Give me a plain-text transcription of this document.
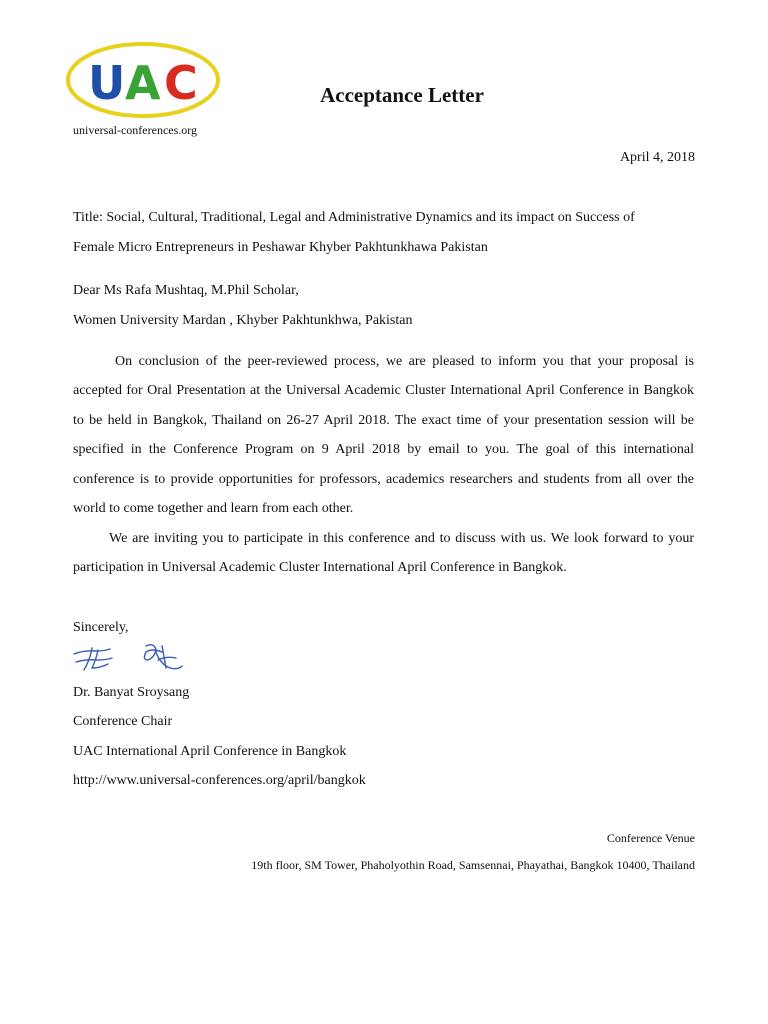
U A C
universal-conferences.org
Acceptance Letter
April 4, 2018
Title: Social, Cultural, Traditional, Legal and Administrative Dynamics and its impact on Success of
Female Micro Entrepreneurs in Peshawar Khyber Pakhtunkhawa Pakistan
Dear Ms Rafa Mushtaq, M.Phil Scholar,
Women University Mardan , Khyber Pakhtunkhwa, Pakistan
On conclusion of the peer-reviewed process, we are pleased to inform you that your proposal is accepted for Oral Presentation at the Universal Academic Cluster International April Conference in Bangkok to be held in Bangkok, Thailand on 26-27 April 2018. The exact time of your presentation session will be specified in the Conference Program on 9 April 2018 by email to you. The goal of this international conference is to provide opportunities for professors, academics researchers and students from all over the world to come together and learn from each other.
We are inviting you to participate in this conference and to discuss with us. We look forward to your participation in Universal Academic Cluster International April Conference in Bangkok.
Sincerely,
Dr. Banyat Sroysang
Conference Chair
UAC International April Conference in Bangkok
http://www.universal-conferences.org/april/bangkok
Conference Venue
19th floor, SM Tower, Phaholyothin Road, Samsennai, Phayathai, Bangkok 10400, Thailand
